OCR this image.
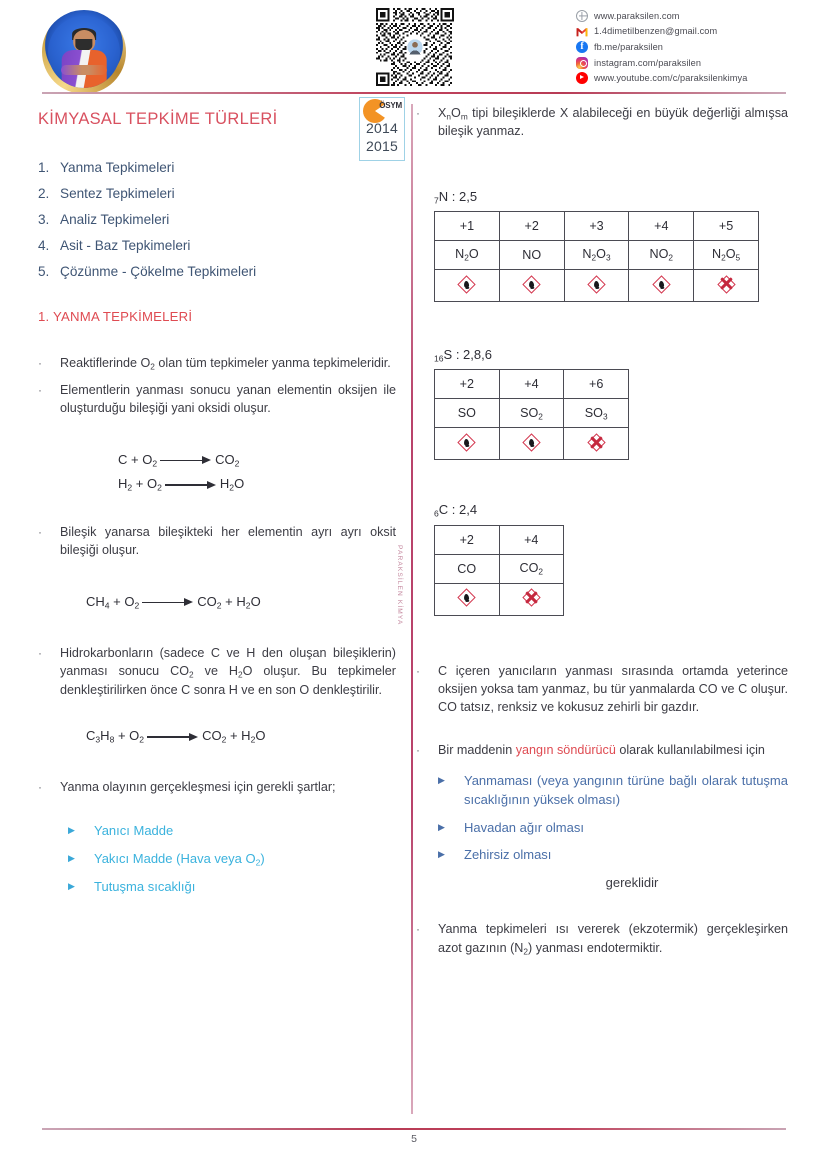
www.paraksilen.com
1.4dimetilbenzen@gmail.com
f	fb.me/paraksilen
instagram.com/paraksilen
www.youtube.com/c/paraksilenkimya
PARAKSİLEN KİMYA
ÖSYM
2014
2015
KİMYASAL TEPKİME TÜRLERİ
1. Yanma Tepkimeleri
2. Sentez Tepkimeleri
3. Analiz Tepkimeleri
4. Asit - Baz Tepkimeleri
5. Çözünme - Çökelme Tepkimeleri
1. YANMA TEPKİMELERİ
·	Reaktiflerinde $O_2$ olan tüm tepkimeler yanma tepkimeleridir.
·	Elementlerin yanması sonucu yanan elementin oksijen ile oluşturduğu bileşiği yani oksidi oluşur.
$C + O_2$	$CO_2$
$H_2 + O_2$	$H_2O$
·	Bileşik yanarsa bileşikteki her elementin ayrı ayrı oksit bileşiği oluşur.
$CH_4 + O_2$	$CO_2 + H_2O$
·	Hidrokarbonların (sadece C ve H den oluşan bileşiklerin) yanması sonucu $CO_2$ ve $H_2O$ oluşur. Bu tepkimeler denkleştirilirken önce C sonra H ve en son O denkleştirilir.
$C_3H_8 + O_2$	$CO_2 + H_2O$
·	Yanma olayının gerçekleşmesi için gerekli şartlar;
▶	Yanıcı Madde
▶	Yakıcı Madde (Hava veya $O_2$)
▶	Tutuşma sıcaklığı
·	$X_nO_m$ tipi bileşiklerde X alabileceği en büyük değerliği almışsa bileşik yanmaz.
$_7$N : 2,5
+1	+2	+3	+4	+5
$N_2O$	NO	$N_2O_3$	$NO_2$	$N_2O_5$

$_{16}$S : 2,8,6
+2	+4	+6
SO	$SO_2$	$SO_3$

$_6$C : 2,4
+2	+4
CO	$CO_2$

·	C içeren yanıcıların yanması sırasında ortamda yeterince oksijen yoksa tam yanmaz, bu tür yanmalarda CO ve C oluşur. CO tatsız, renksiz ve kokusuz zehirli bir gazdır.
·	Bir maddenin yangın söndürücü olarak kullanılabilmesi için
▶	Yanmaması (veya yangının türüne bağlı olarak tutuşma sıcaklığının yüksek olması)
▶	Havadan ağır olması
▶	Zehirsiz olması
gereklidir
·	Yanma tepkimeleri ısı vererek (ekzotermik) gerçekleşirken azot gazının $(N_2)$ yanması endotermiktir.
5
